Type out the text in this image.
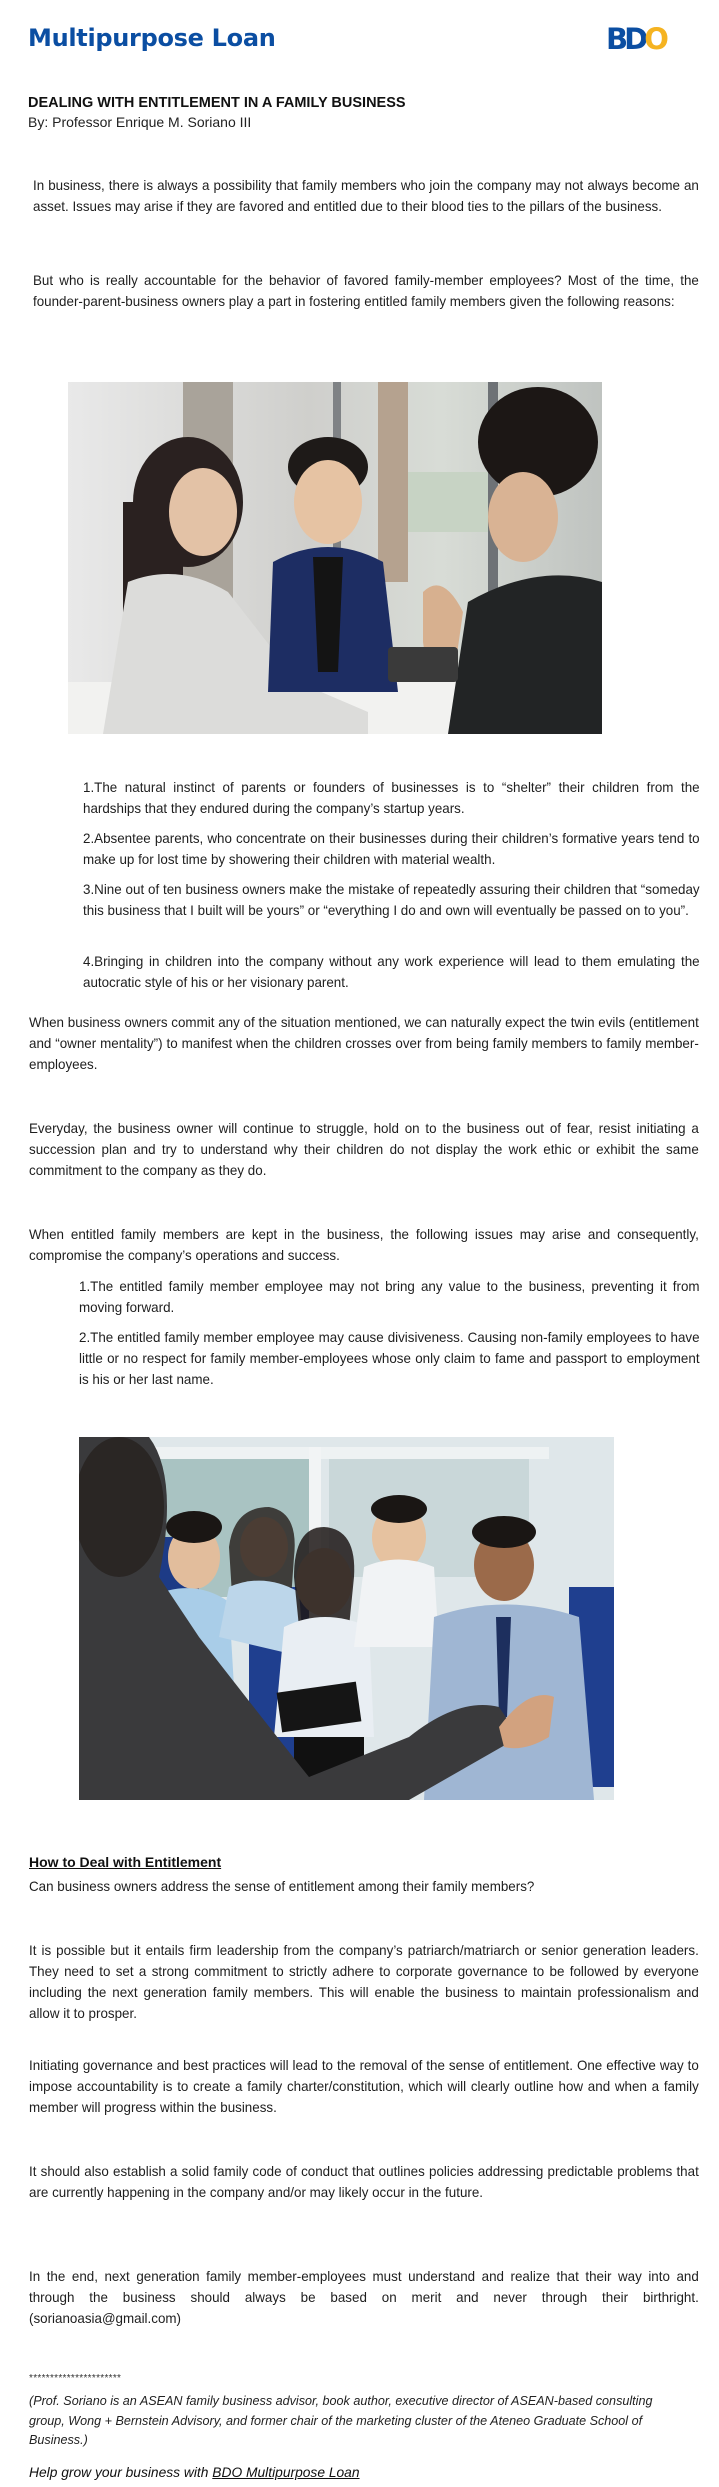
Multipurpose Loan	BDO
DEALING WITH ENTITLEMENT IN A FAMILY BUSINESS
By: Professor Enrique M. Soriano III

In business, there is always a possibility that family members who join the company may not always become an asset. Issues may arise if they are favored and entitled due to their blood ties to the pillars of the business.

But who is really accountable for the behavior of favored family-member employees? Most of the time, the founder-parent-business owners play a part in fostering entitled family members given the following reasons:

1.The natural instinct of parents or founders of businesses is to “shelter” their children from the hardships that they endured during the company’s startup years.

2.Absentee parents, who concentrate on their businesses during their children’s formative years tend to make up for lost time by showering their children with material wealth.

3.Nine out of ten business owners make the mistake of repeatedly assuring their children that “someday this business that I built will be yours” or “everything I do and own will eventually be passed on to you”.

4.Bringing in children into the company without any work experience will lead to them emulating the autocratic style of his or her visionary parent.

When business owners commit any of the situation mentioned, we can naturally expect the twin evils (entitlement and “owner mentality”) to manifest when the children crosses over from being family members to family member-employees.

Everyday, the business owner will continue to struggle, hold on to the business out of fear, resist initiating a succession plan and try to understand why their children do not display the work ethic or exhibit the same commitment to the company as they do.

When entitled family members are kept in the business, the following issues may arise and consequently, compromise the company’s operations and success.

1.The entitled family member employee may not bring any value to the business, preventing it from moving forward.

2.The entitled family member employee may cause divisiveness. Causing non-family employees to have little or no respect for family member-employees whose only claim to fame and passport to employment is his or her last name.

How to Deal with Entitlement

Can business owners address the sense of entitlement among their family members?

It is possible but it entails firm leadership from the company’s patriarch/matriarch or senior generation leaders. They need to set a strong commitment to strictly adhere to corporate governance to be followed by everyone including the next generation family members. This will enable the business to maintain professionalism and allow it to prosper.

Initiating governance and best practices will lead to the removal of the sense of entitlement. One effective way to impose accountability is to create a family charter/constitution, which will clearly outline how and when a family member will progress within the business.

It should also establish a solid family code of conduct that outlines policies addressing predictable problems that are currently happening in the company and/or may likely occur in the future.

In the end, next generation family member-employees must understand and realize that their way into and through the business should always be based on merit and never through their birthright. (sorianoasia@gmail.com)

**********************

(Prof. Soriano is an ASEAN family business advisor, book author, executive director of ASEAN-based consulting group, Wong + Bernstein Advisory, and former chair of the marketing cluster of the Ateneo Graduate School of Business.)

Help grow your business with BDO Multipurpose Loan
